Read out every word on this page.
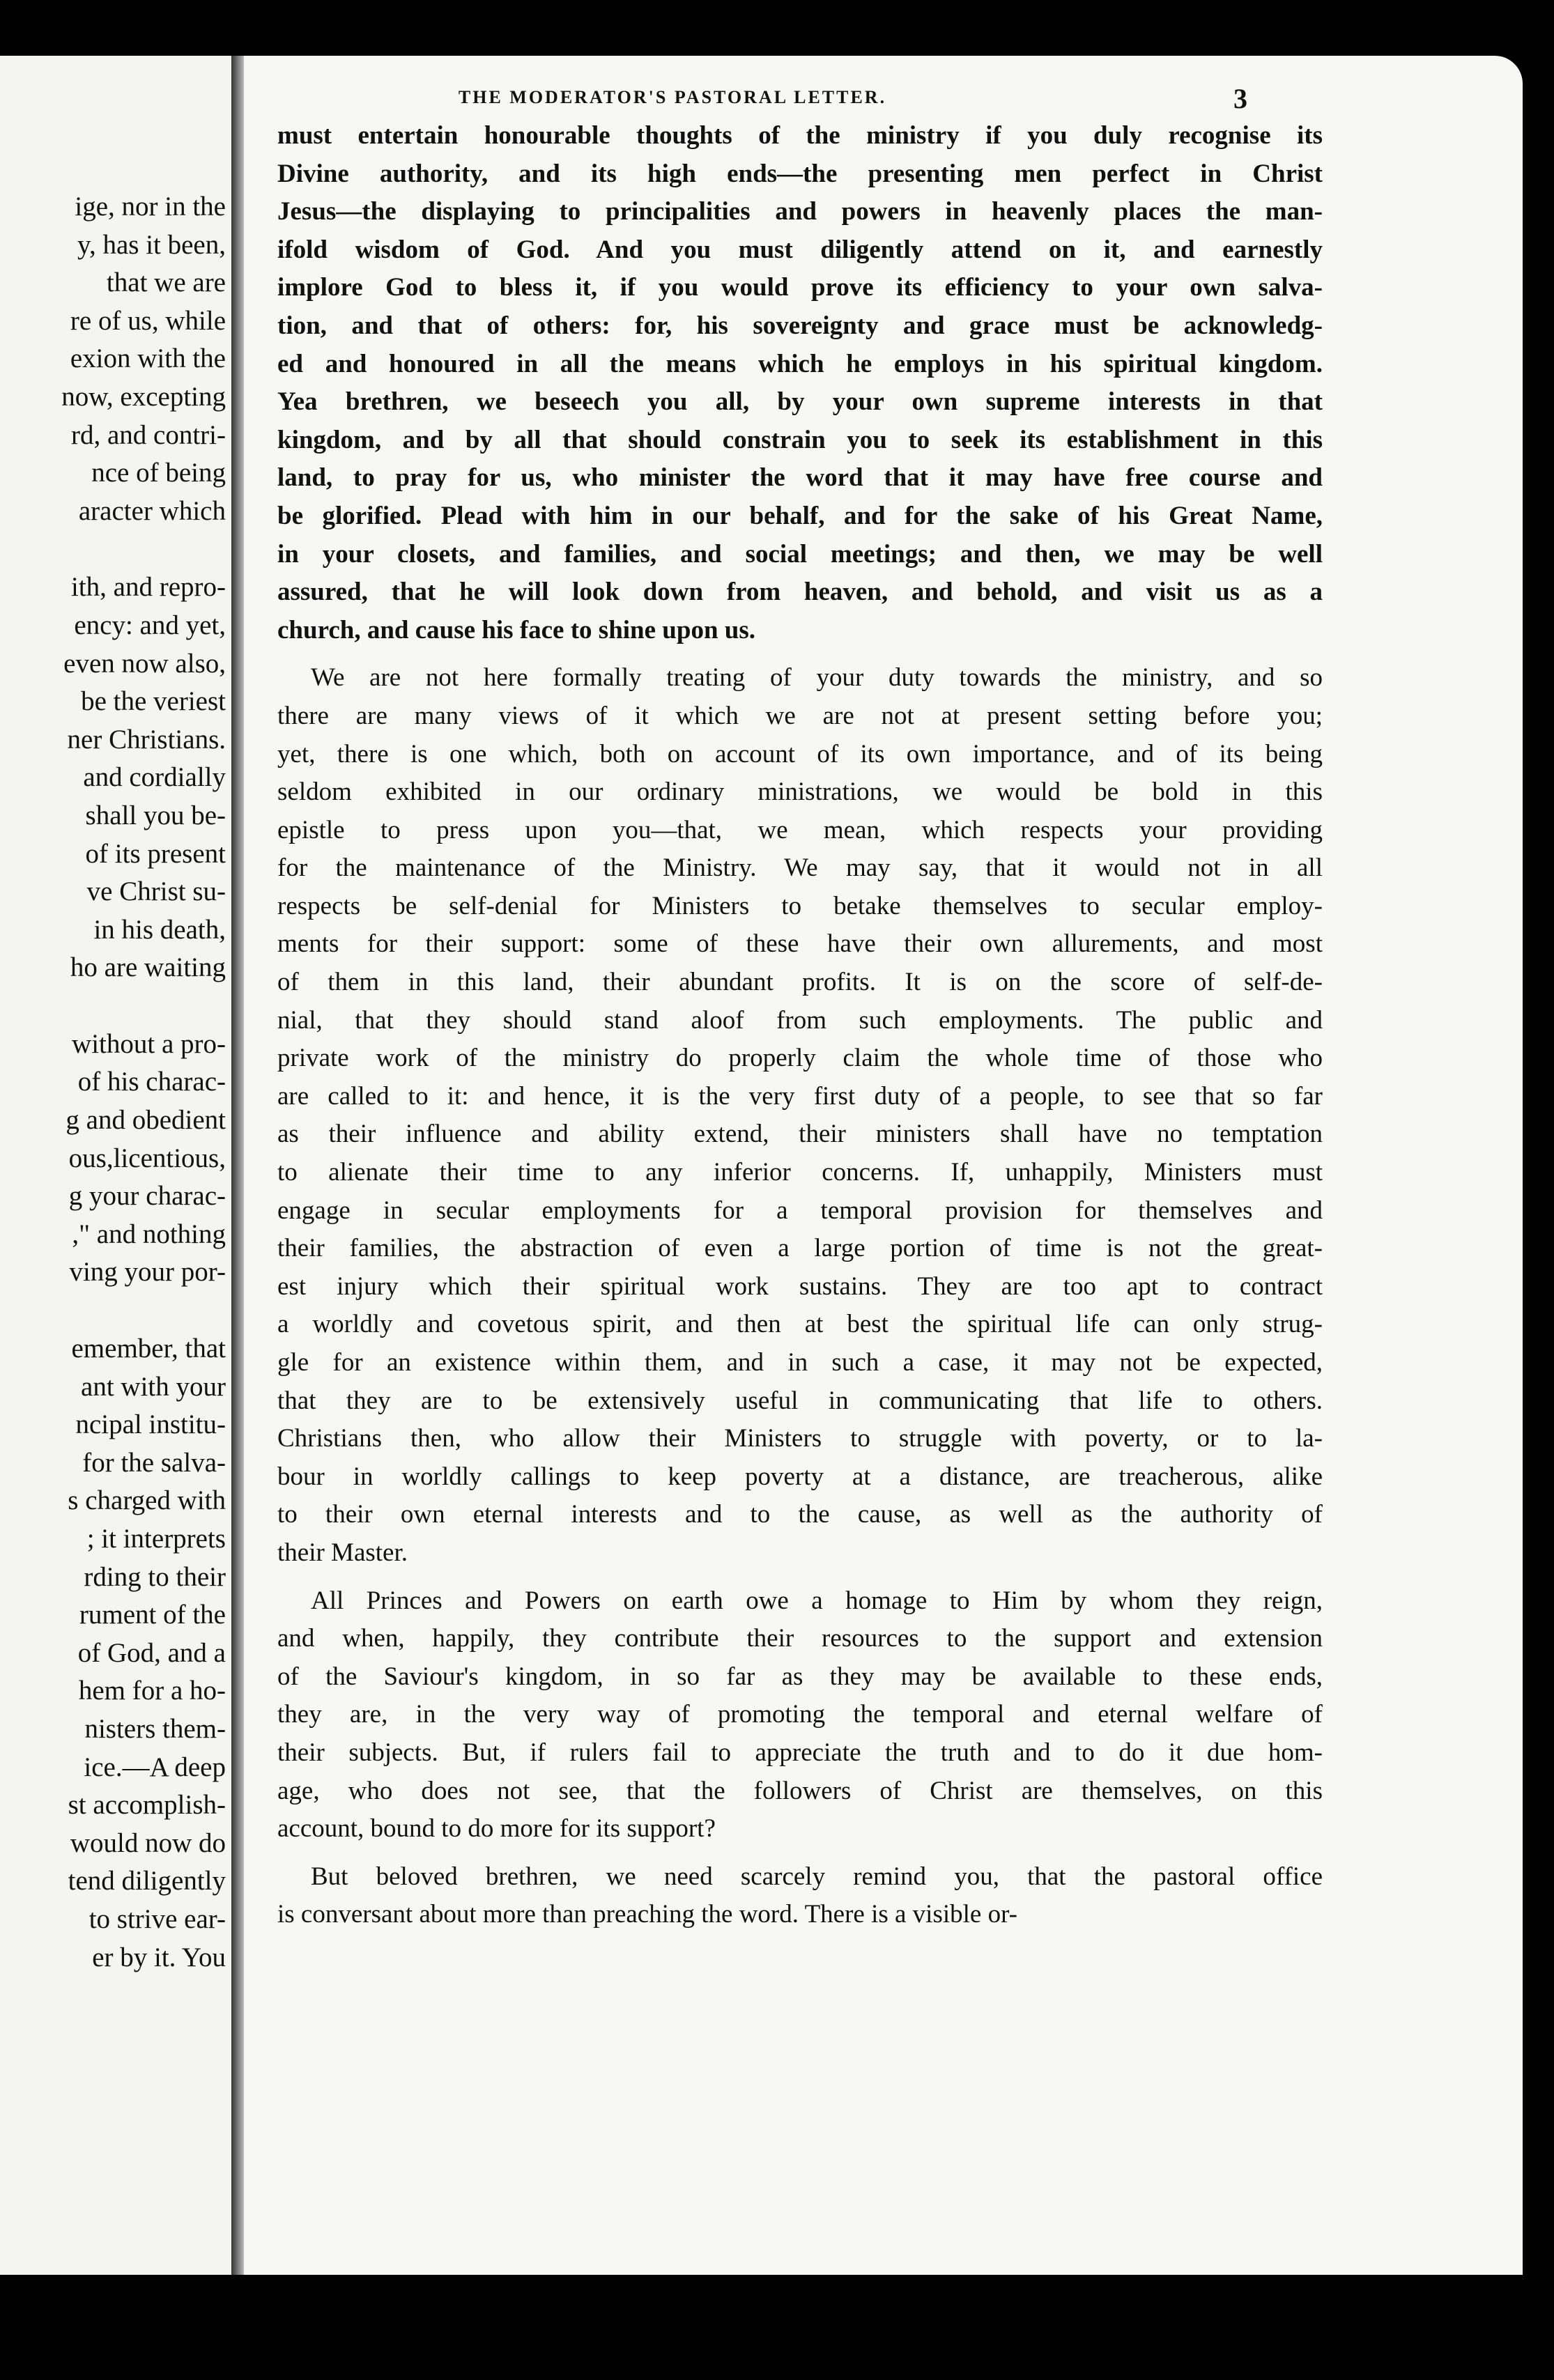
ige, nor in the
y, has it been,
that we are
re of us, while
exion with the
now, excepting
rd, and contri-
nce of being
aracter which
ith, and repro-
ency: and yet,
even now also,
be the veriest
ner Christians.
and cordially
shall you be-
of its present
ve Christ su-
in his death,
ho are waiting
without a pro-
of his charac-
g and obedient
ous,licentious,
g your charac-
," and nothing
ving your por-
emember, that
ant with your
ncipal institu-
for the salva-
s charged with
; it interprets
rding to their
rument of the
of God, and a
hem for a ho-
nisters them-
ice.—A deep
st accomplish-
would now do
tend diligently
to strive ear-
er by it. You
THE MODERATOR'S PASTORAL LETTER.	3
must entertain honourable thoughts of the ministry if you duly recognise its
Divine authority, and its high ends—the presenting men perfect in Christ
Jesus—the displaying to principalities and powers in heavenly places the man-
ifold wisdom of God. And you must diligently attend on it, and earnestly
implore God to bless it, if you would prove its efficiency to your own salva-
tion, and that of others: for, his sovereignty and grace must be acknowledg-
ed and honoured in all the means which he employs in his spiritual kingdom.
Yea brethren, we beseech you all, by your own supreme interests in that
kingdom, and by all that should constrain you to seek its establishment in this
land, to pray for us, who minister the word that it may have free course and
be glorified. Plead with him in our behalf, and for the sake of his Great Name,
in your closets, and families, and social meetings; and then, we may be well
assured, that he will look down from heaven, and behold, and visit us as a
church, and cause his face to shine upon us.
We are not here formally treating of your duty towards the ministry, and so
there are many views of it which we are not at present setting before you;
yet, there is one which, both on account of its own importance, and of its being
seldom exhibited in our ordinary ministrations, we would be bold in this
epistle to press upon you—that, we mean, which respects your providing
for the maintenance of the Ministry. We may say, that it would not in all
respects be self-denial for Ministers to betake themselves to secular employ-
ments for their support: some of these have their own allurements, and most
of them in this land, their abundant profits. It is on the score of self-de-
nial, that they should stand aloof from such employments. The public and
private work of the ministry do properly claim the whole time of those who
are called to it: and hence, it is the very first duty of a people, to see that so far
as their influence and ability extend, their ministers shall have no temptation
to alienate their time to any inferior concerns. If, unhappily, Ministers must
engage in secular employments for a temporal provision for themselves and
their families, the abstraction of even a large portion of time is not the great-
est injury which their spiritual work sustains. They are too apt to contract
a worldly and covetous spirit, and then at best the spiritual life can only strug-
gle for an existence within them, and in such a case, it may not be expected,
that they are to be extensively useful in communicating that life to others.
Christians then, who allow their Ministers to struggle with poverty, or to la-
bour in worldly callings to keep poverty at a distance, are treacherous, alike
to their own eternal interests and to the cause, as well as the authority of
their Master.
All Princes and Powers on earth owe a homage to Him by whom they reign,
and when, happily, they contribute their resources to the support and extension
of the Saviour's kingdom, in so far as they may be available to these ends,
they are, in the very way of promoting the temporal and eternal welfare of
their subjects. But, if rulers fail to appreciate the truth and to do it due hom-
age, who does not see, that the followers of Christ are themselves, on this
account, bound to do more for its support?
But beloved brethren, we need scarcely remind you, that the pastoral office
is conversant about more than preaching the word. There is a visible or-
